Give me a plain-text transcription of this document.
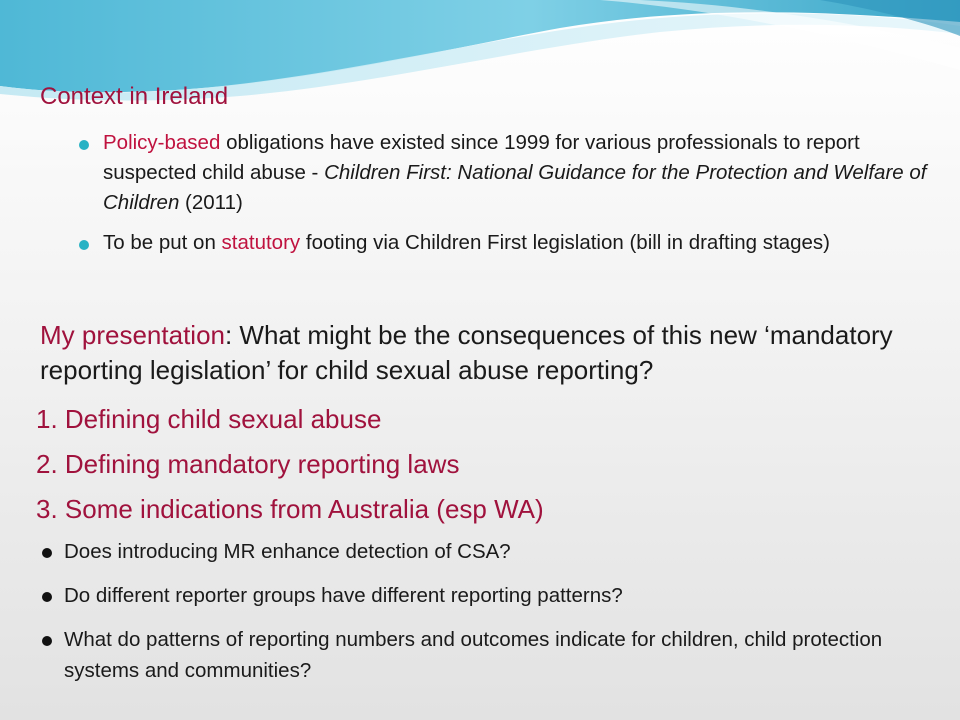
Context in Ireland
Policy-based obligations have existed since 1999 for various professionals to report suspected child abuse - Children First: National Guidance for the Protection and Welfare of Children (2011)
To be put on statutory footing via Children First legislation (bill in drafting stages)
My presentation: What might be the consequences of this new ‘mandatory reporting legislation’ for child sexual abuse reporting?
1. Defining child sexual abuse
2. Defining mandatory reporting laws
3. Some indications from Australia (esp WA)
Does introducing MR enhance detection of CSA?
Do different reporter groups have different reporting patterns?
What do patterns of reporting numbers and outcomes indicate for children, child protection systems and communities?
